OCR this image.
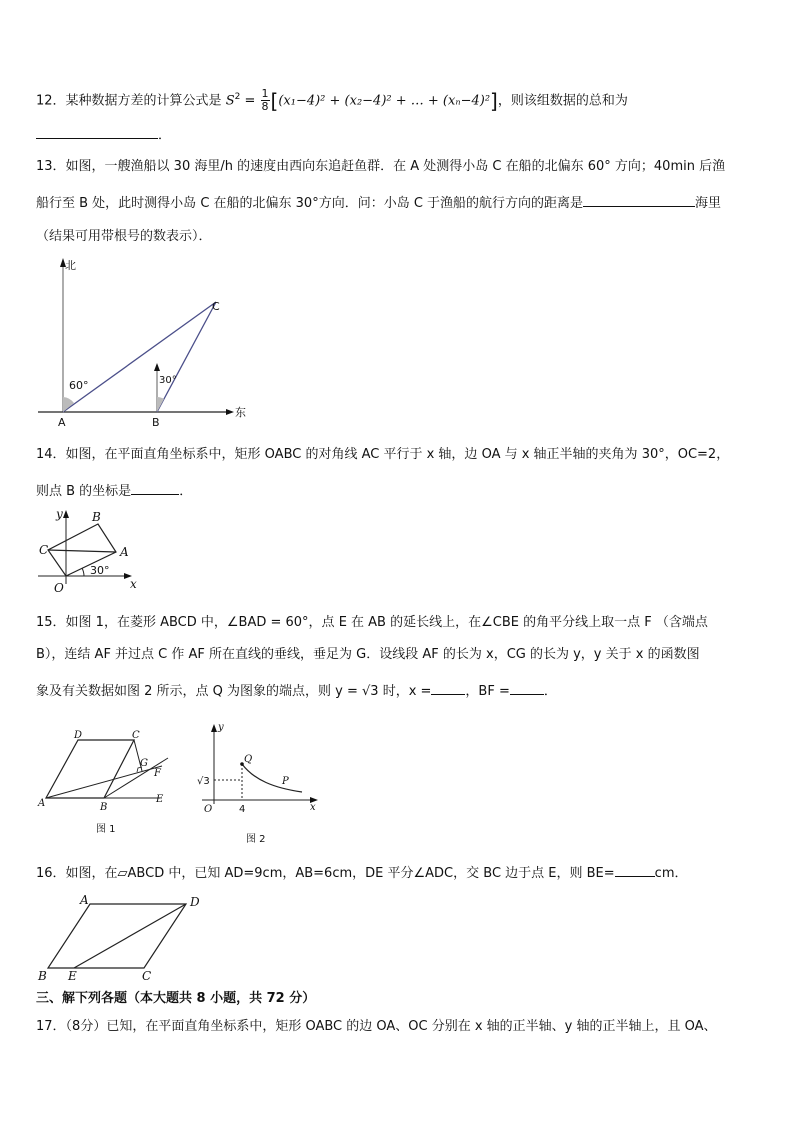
12．某种数据方差的计算公式是 $S^2 = \frac{1}{8} [(x_1-4)^2 + (x_2-4)^2$ + … + (xₙ−4)²]，则该组数据的总和为
．
13．如图，一艘渔船以 30 海里/h 的速度由西向东追赶鱼群．在 A 处测得小岛 C 在船的北偏东 60° 方向；40min 后渔
船行至 B 处，此时测得小岛 C 在船的北偏东 30°方向．问：小岛 C 于渔船的航行方向的距离是	海里
（结果可用带根号的数表示）．
北
东
60°	30°
A	B
C
14．如图，在平面直角坐标系中，矩形 OABC 的对角线 AC 平行于 x 轴，边 OA 与 x 轴正半轴的夹角为 30°，OC=2，
则点 B 的坐标是	．
y
x
O
A
B
C
30°
15．如图 1，在菱形 ABCD 中，∠BAD = 60°，点 E 在 AB 的延长线上，在∠CBE 的角平分线上取一点 F （含端点
B），连结 AF 并过点 C 作 AF 所在直线的垂线，垂足为 G．设线段 AF 的长为 x，CG 的长为 y，y 关于 x 的函数图
象及有关数据如图 2 所示，点 Q 为图象的端点，则 y = √3 时，x =	，BF =	．
A	B
C
D
E
F
G
图 1
y
x
O
Q
P
√3
4
图 2
16．如图，在▱ABCD 中，已知 AD=9cm，AB=6cm，DE 平分∠ADC，交 BC 边于点 E，则 BE=	cm．
A
B	C
D
E
三、解下列各题（本大题共 8 小题，共 72 分）
17．（8分）已知，在平面直角坐标系中，矩形 OABC 的边 OA、OC 分别在 x 轴的正半轴、y 轴的正半轴上，且 OA、
